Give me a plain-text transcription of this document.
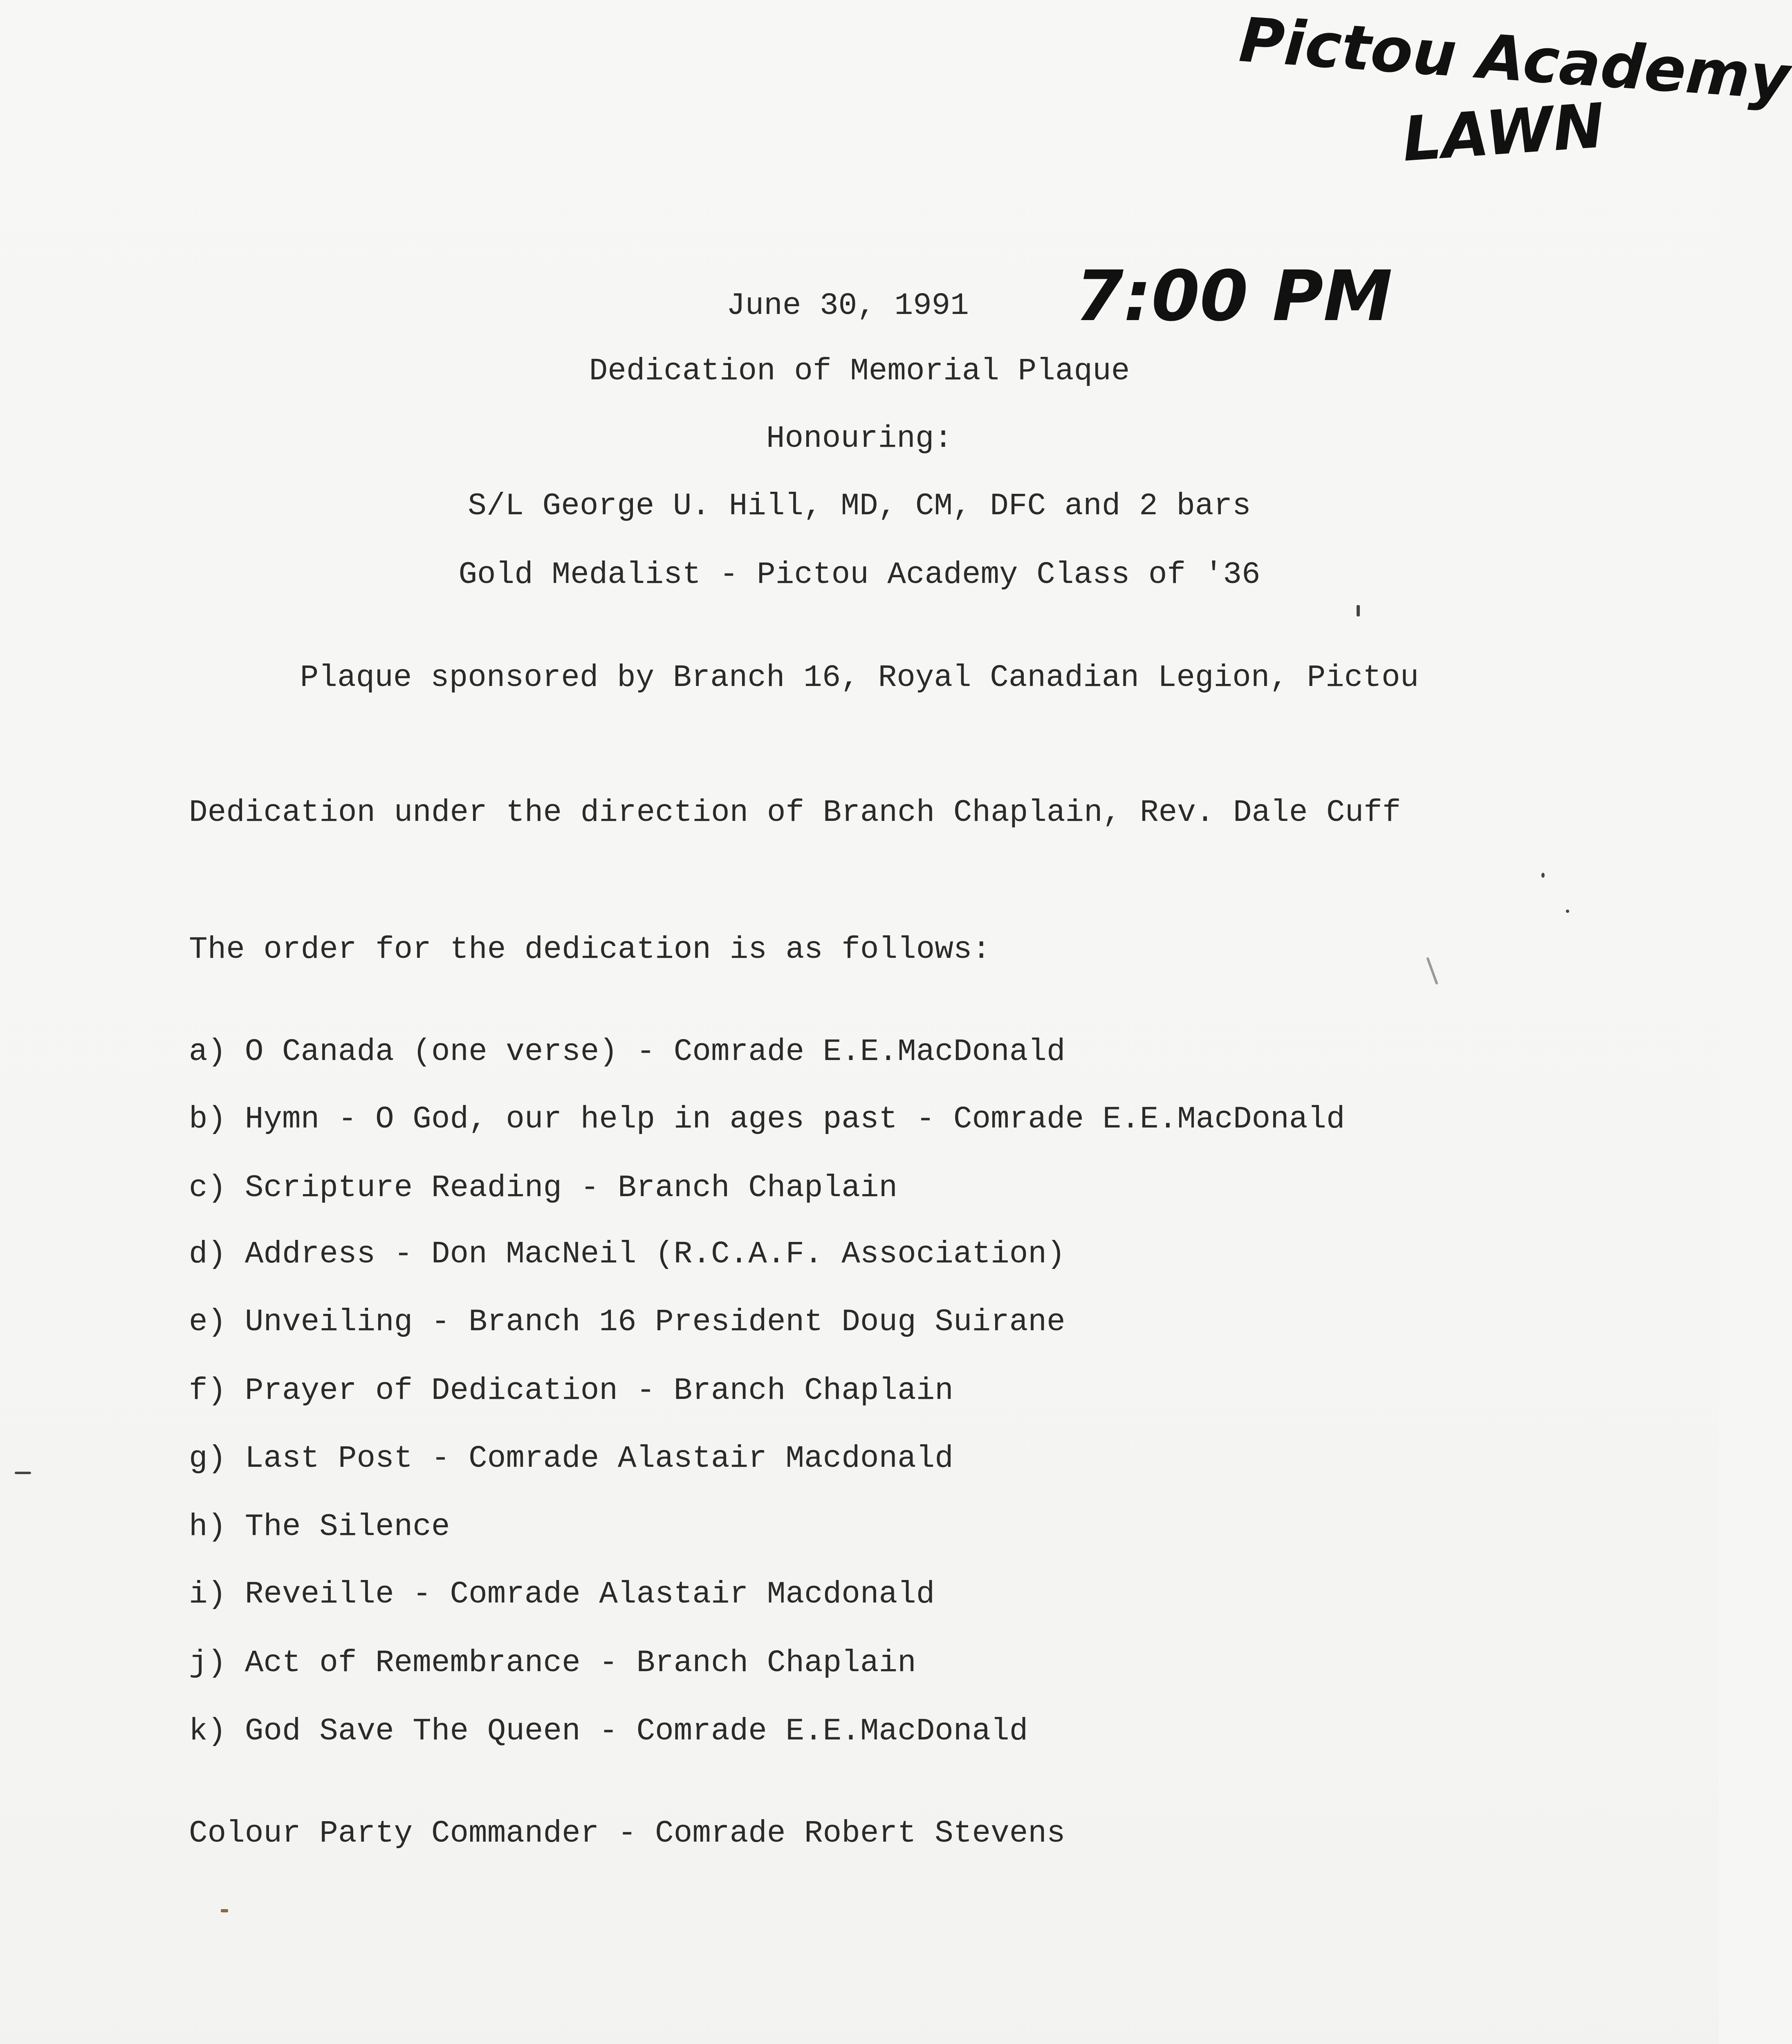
Pictou Academy
LAWN
7:00 PM
June 30, 1991
Dedication of Memorial Plaque
Honouring:
S/L George U. Hill, MD, CM, DFC and 2 bars
Gold Medalist - Pictou Academy Class of '36
Plaque sponsored by Branch 16, Royal Canadian Legion, Pictou
Dedication under the direction of Branch Chaplain, Rev. Dale Cuff
The order for the dedication is as follows:
a) O Canada (one verse) - Comrade E.E.MacDonald
b) Hymn - O God, our help in ages past - Comrade E.E.MacDonald
c) Scripture Reading - Branch Chaplain
d) Address - Don MacNeil (R.C.A.F. Association)
e) Unveiling - Branch 16 President Doug Suirane
f) Prayer of Dedication - Branch Chaplain
g) Last Post - Comrade Alastair Macdonald
h) The Silence
i) Reveille - Comrade Alastair Macdonald
j) Act of Remembrance - Branch Chaplain
k) God Save The Queen - Comrade E.E.MacDonald
Colour Party Commander - Comrade Robert Stevens
